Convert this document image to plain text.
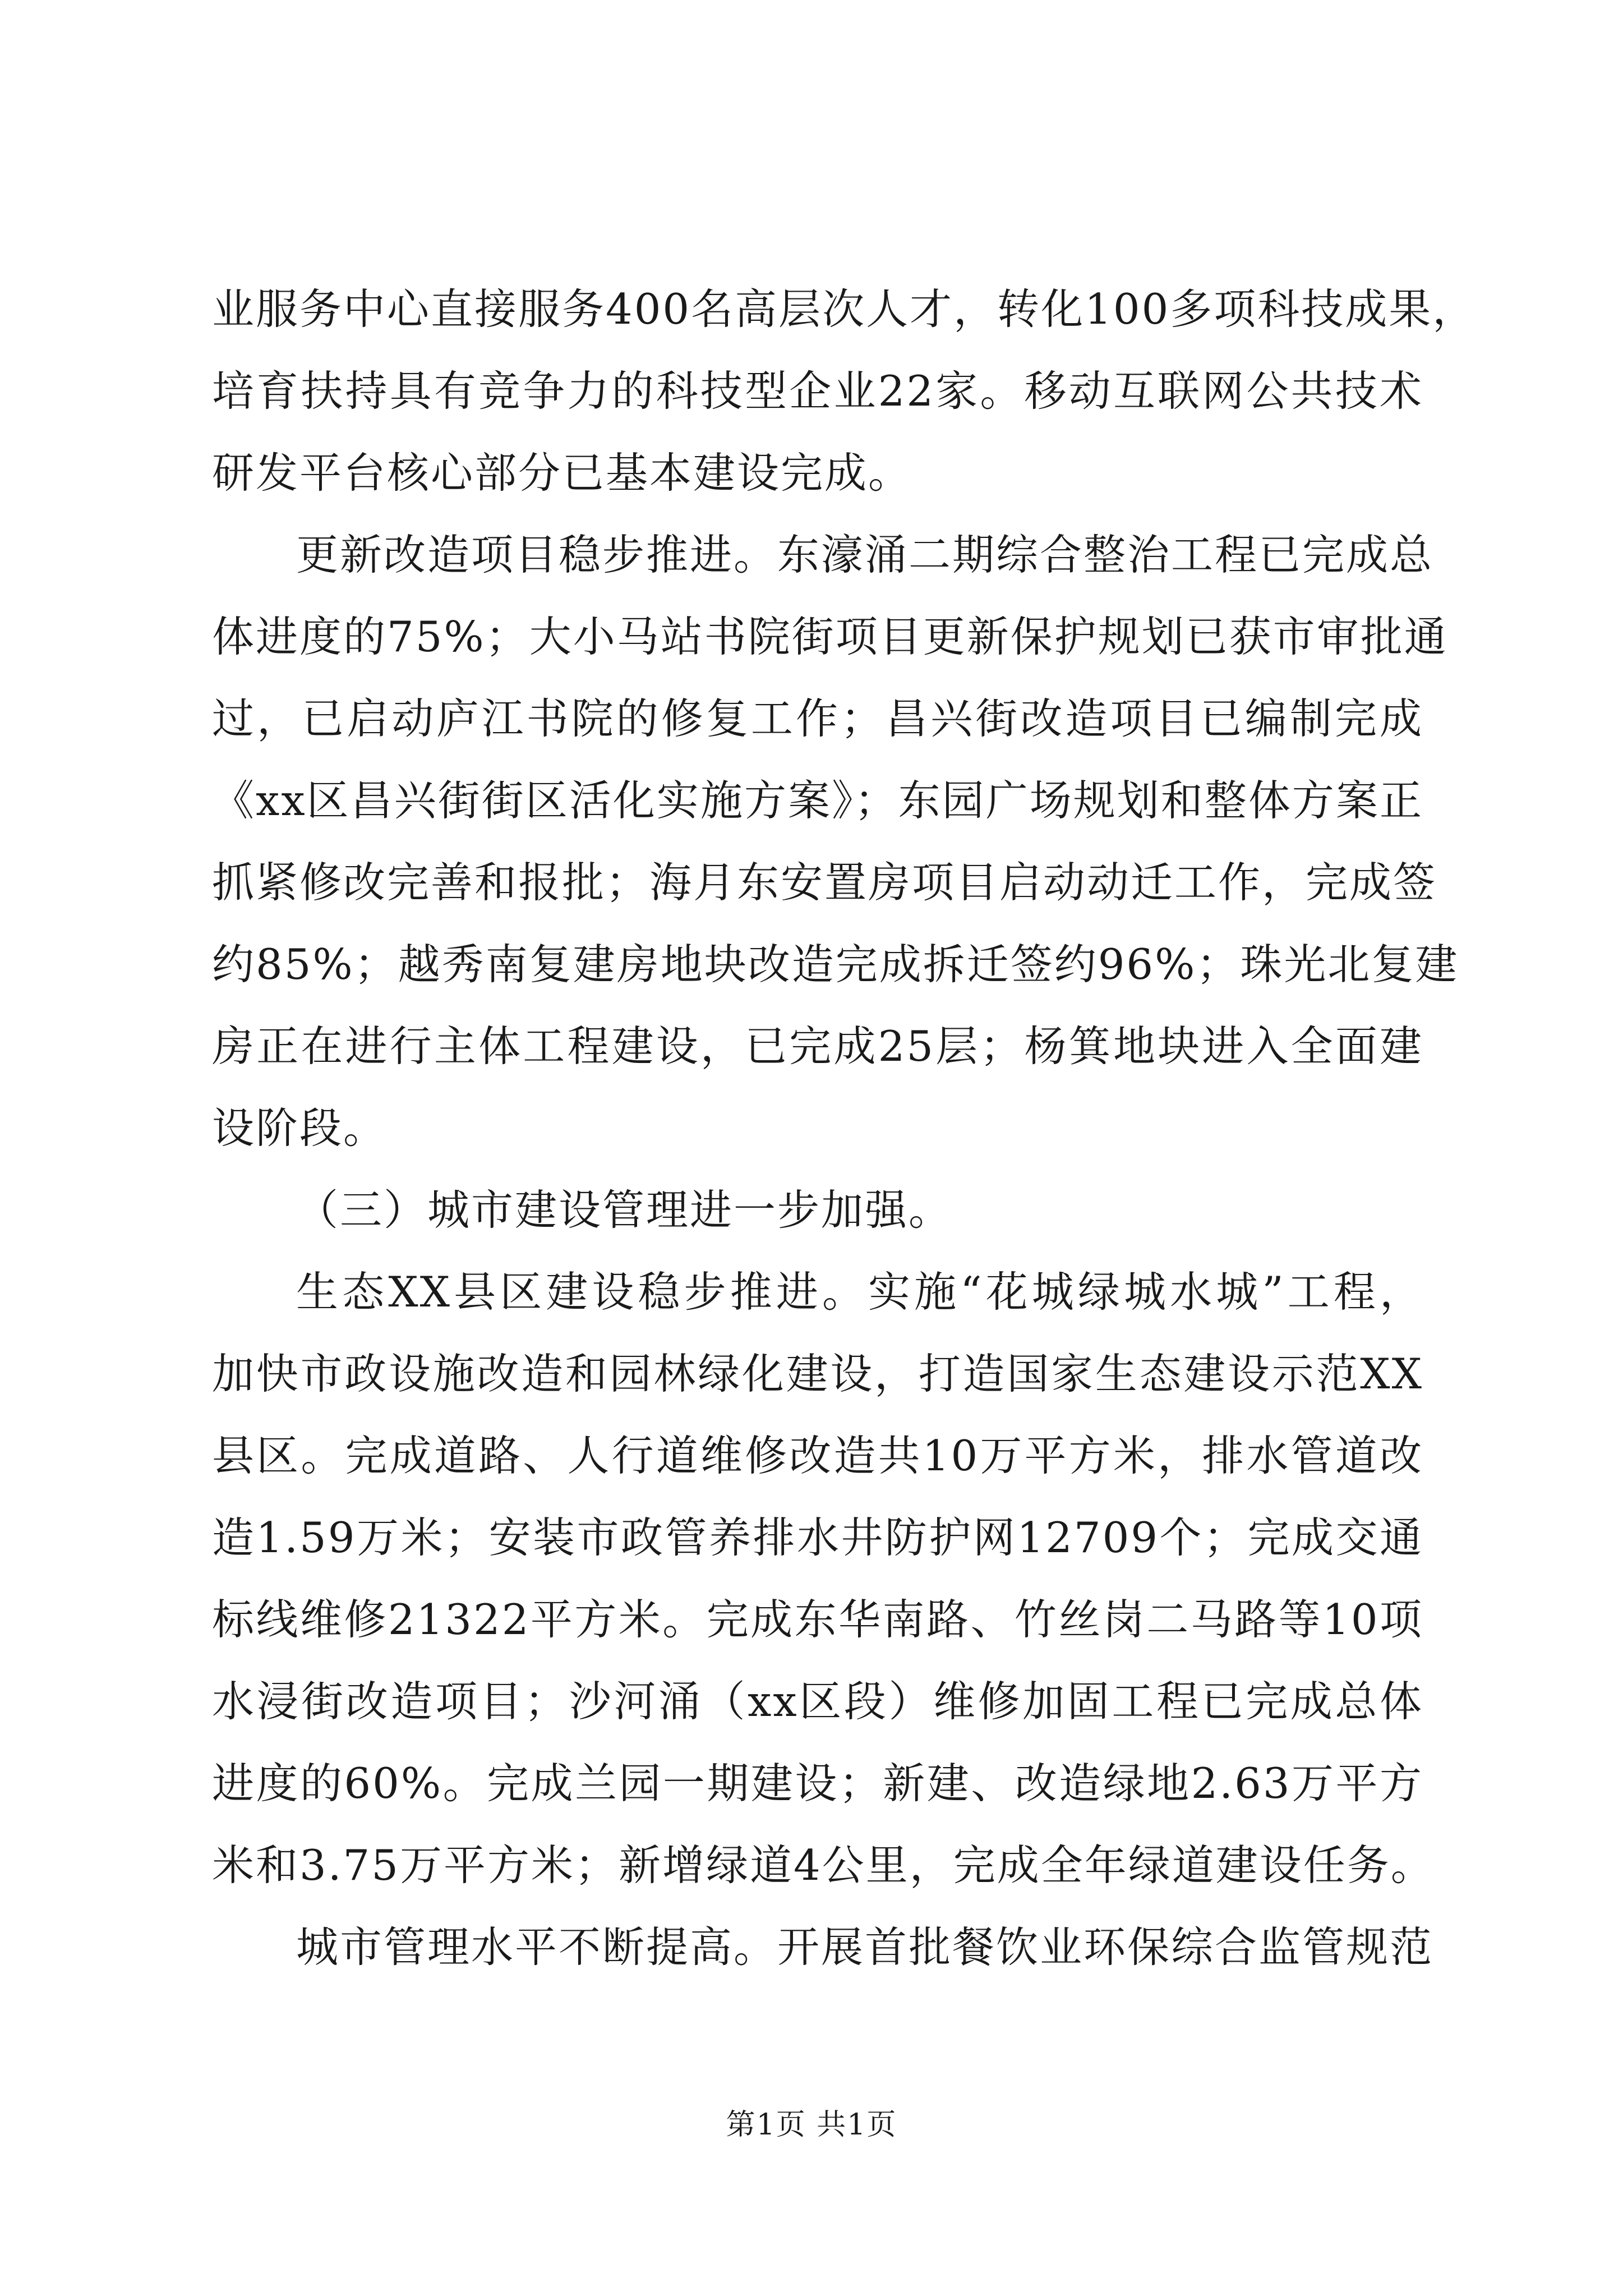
业服务中心直接服务400名高层次人才，转化100多项科技成果，
培育扶持具有竞争力的科技型企业22家。移动互联网公共技术
研发平台核心部分已基本建设完成。
更新改造项目稳步推进。东濠涌二期综合整治工程已完成总
体进度的75%；大小马站书院街项目更新保护规划已获市审批通
过，已启动庐江书院的修复工作；昌兴街改造项目已编制完成
《xx区昌兴街街区活化实施方案》；东园广场规划和整体方案正
抓紧修改完善和报批；海月东安置房项目启动动迁工作，完成签
约85%；越秀南复建房地块改造完成拆迁签约96%；珠光北复建
房正在进行主体工程建设，已完成25层；杨箕地块进入全面建
设阶段。
（三）城市建设管理进一步加强。
生态XX县区建设稳步推进。实施“花城绿城水城”工程，
加快市政设施改造和园林绿化建设，打造国家生态建设示范XX
县区。完成道路、人行道维修改造共10万平方米，排水管道改
造1.59万米；安装市政管养排水井防护网12709个；完成交通
标线维修21322平方米。完成东华南路、竹丝岗二马路等10项
水浸街改造项目；沙河涌（xx区段）维修加固工程已完成总体
进度的60%。完成兰园一期建设；新建、改造绿地2.63万平方
米和3.75万平方米；新增绿道4公里，完成全年绿道建设任务。
城市管理水平不断提高。开展首批餐饮业环保综合监管规范
第1页 共1页
